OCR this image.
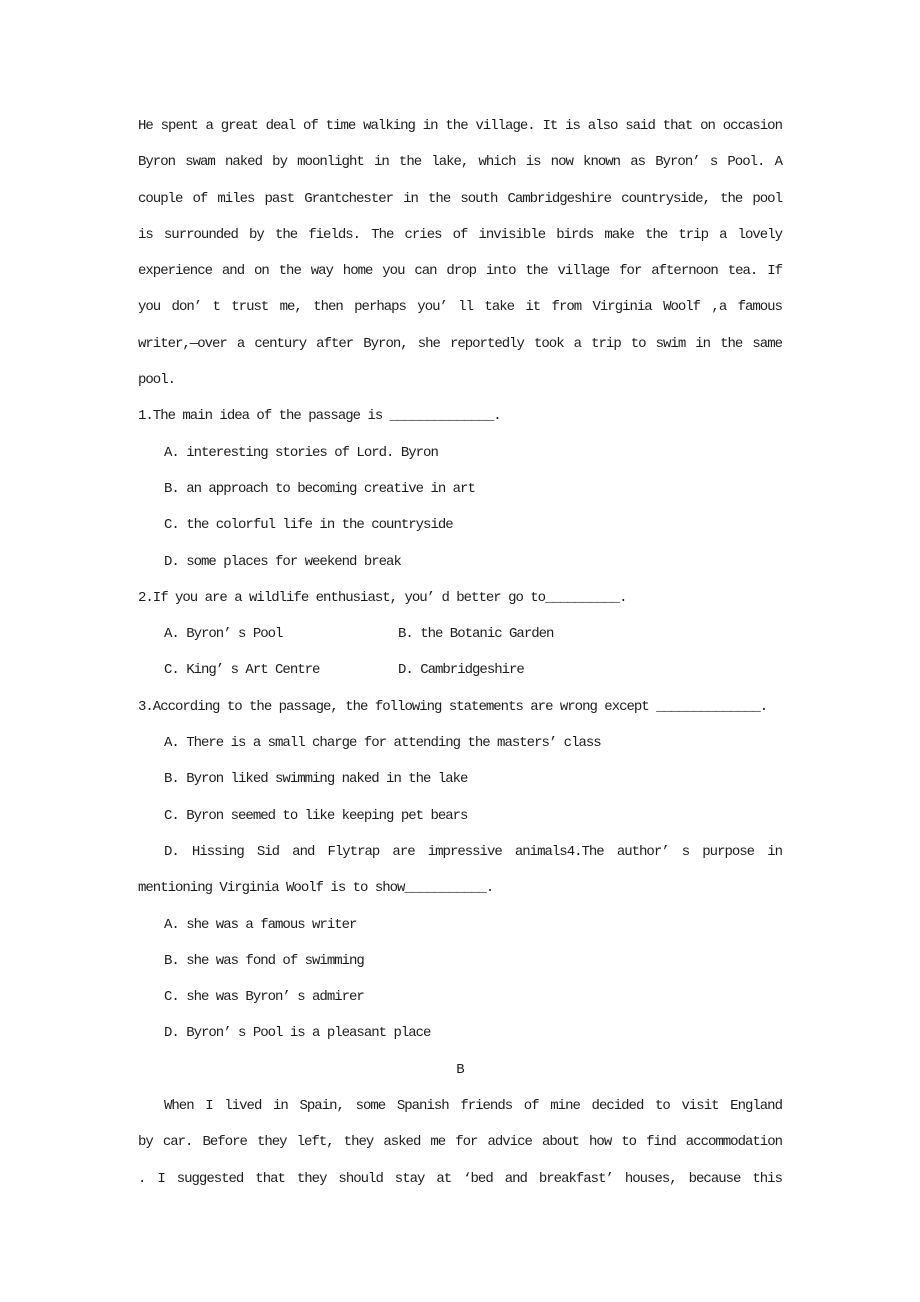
He spent a great deal of time walking in the village. It is also said that on occasion
Byron swam naked by moonlight in the lake, which is now known as Byron’ s Pool. A
couple of miles past Grantchester in the south Cambridgeshire countryside, the pool
is surrounded by the fields. The cries of invisible birds make the trip a lovely
experience and on the way home you can drop into the village for afternoon tea. If
you don’ t trust me, then perhaps you’ ll take it from Virginia Woolf ,a famous
writer,—over a century after Byron, she reportedly took a trip to swim in the same
pool.
1.The main idea of the passage is ______________.
A. interesting stories of Lord. Byron
B. an approach to becoming creative in art
C. the colorful life in the countryside
D. some places for weekend break
2.If you are a wildlife enthusiast, you’ d better go to__________.
A. Byron’ s Pool	B. the Botanic Garden
C. King’ s Art Centre	D. Cambridgeshire
3.According to the passage, the following statements are wrong except ______________.
A. There is a small charge for attending the masters’ class
B. Byron liked swimming naked in the lake
C. Byron seemed to like keeping pet bears
D. Hissing Sid and Flytrap are impressive animals4.The author’ s purpose in
mentioning Virginia Woolf is to show___________.
A. she was a famous writer
B. she was fond of swimming
C. she was Byron’ s admirer
D. Byron’ s Pool is a pleasant place
B
When I lived in Spain, some Spanish friends of mine decided to visit England
by car. Before they left, they asked me for advice about how to find accommodation
. I suggested that they should stay at ‘bed and breakfast’ houses, because this
